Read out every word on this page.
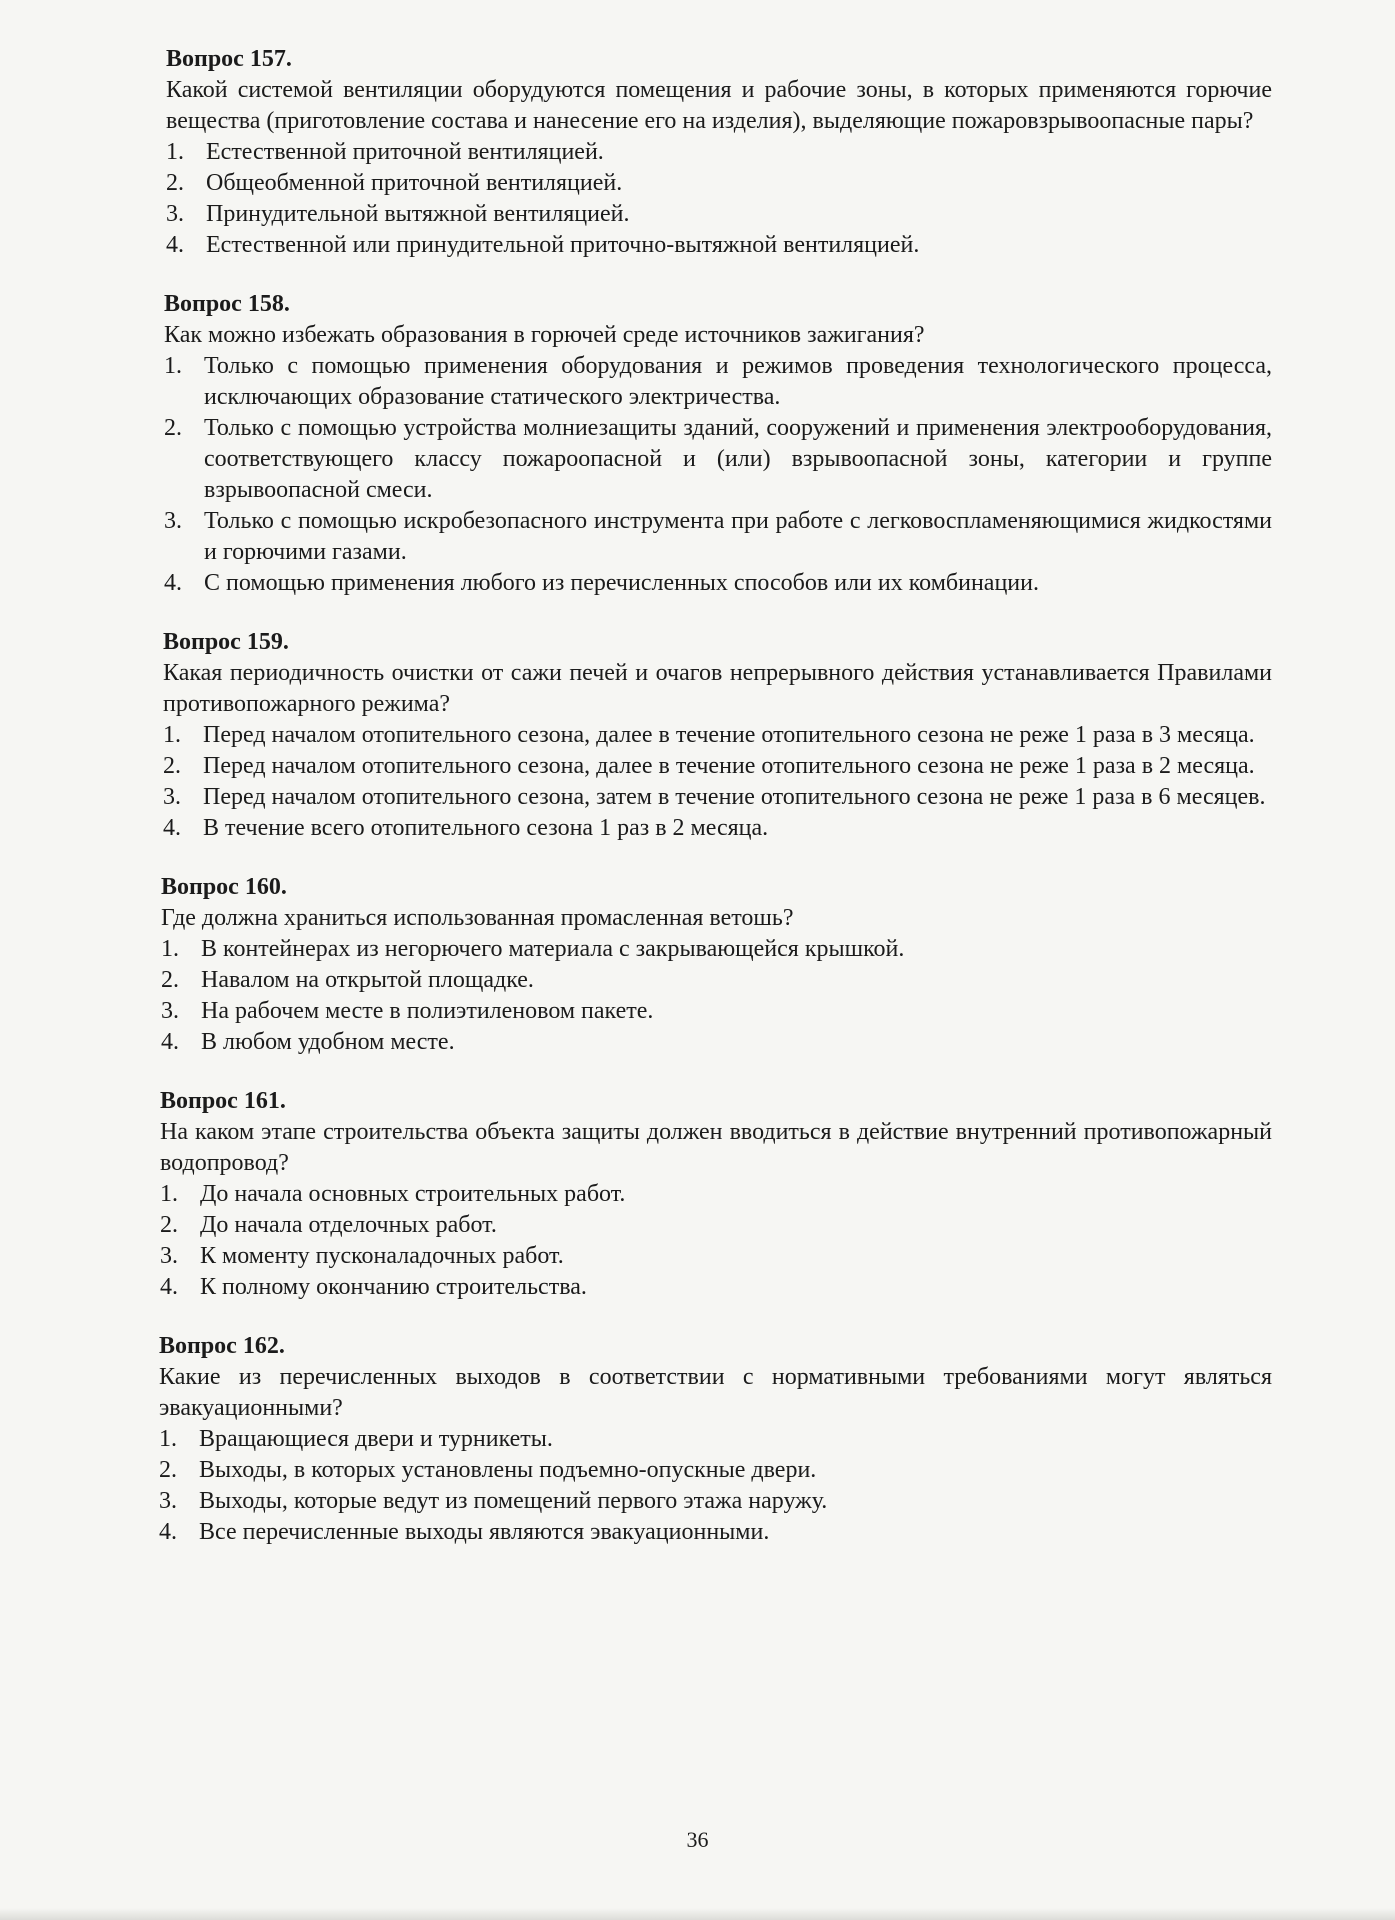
Вопрос 157.
Какой системой вентиляции оборудуются помещения и рабочие зоны, в которых применяются горючие вещества (приготовление состава и нанесение его на изделия), выделяющие пожаровзрывоопасные пары?
1. Естественной приточной вентиляцией.
2. Общеобменной приточной вентиляцией.
3. Принудительной вытяжной вентиляцией.
4. Естественной или принудительной приточно-вытяжной вентиляцией.
Вопрос 158.
Как можно избежать образования в горючей среде источников зажигания?
1. Только с помощью применения оборудования и режимов проведения технологического процесса, исключающих образование статического электричества.
2. Только с помощью устройства молниезащиты зданий, сооружений и применения электрооборудования, соответствующего классу пожароопасной и (или) взрывоопасной зоны, категории и группе взрывоопасной смеси.
3. Только с помощью искробезопасного инструмента при работе с легковоспламеняющимися жидкостями и горючими газами.
4. С помощью применения любого из перечисленных способов или их комбинации.
Вопрос 159.
Какая периодичность очистки от сажи печей и очагов непрерывного действия устанавливается Правилами противопожарного режима?
1. Перед началом отопительного сезона, далее в течение отопительного сезона не реже 1 раза в 3 месяца.
2. Перед началом отопительного сезона, далее в течение отопительного сезона не реже 1 раза в 2 месяца.
3. Перед началом отопительного сезона, затем в течение отопительного сезона не реже 1 раза в 6 месяцев.
4. В течение всего отопительного сезона 1 раз в 2 месяца.
Вопрос 160.
Где должна храниться использованная промасленная ветошь?
1. В контейнерах из негорючего материала с закрывающейся крышкой.
2. Навалом на открытой площадке.
3. На рабочем месте в полиэтиленовом пакете.
4. В любом удобном месте.
Вопрос 161.
На каком этапе строительства объекта защиты должен вводиться в действие внутренний противопожарный водопровод?
1. До начала основных строительных работ.
2. До начала отделочных работ.
3. К моменту пусконаладочных работ.
4. К полному окончанию строительства.
Вопрос 162.
Какие из перечисленных выходов в соответствии с нормативными требованиями могут являться эвакуационными?
1. Вращающиеся двери и турникеты.
2. Выходы, в которых установлены подъемно-опускные двери.
3. Выходы, которые ведут из помещений первого этажа наружу.
4. Все перечисленные выходы являются эвакуационными.
36
